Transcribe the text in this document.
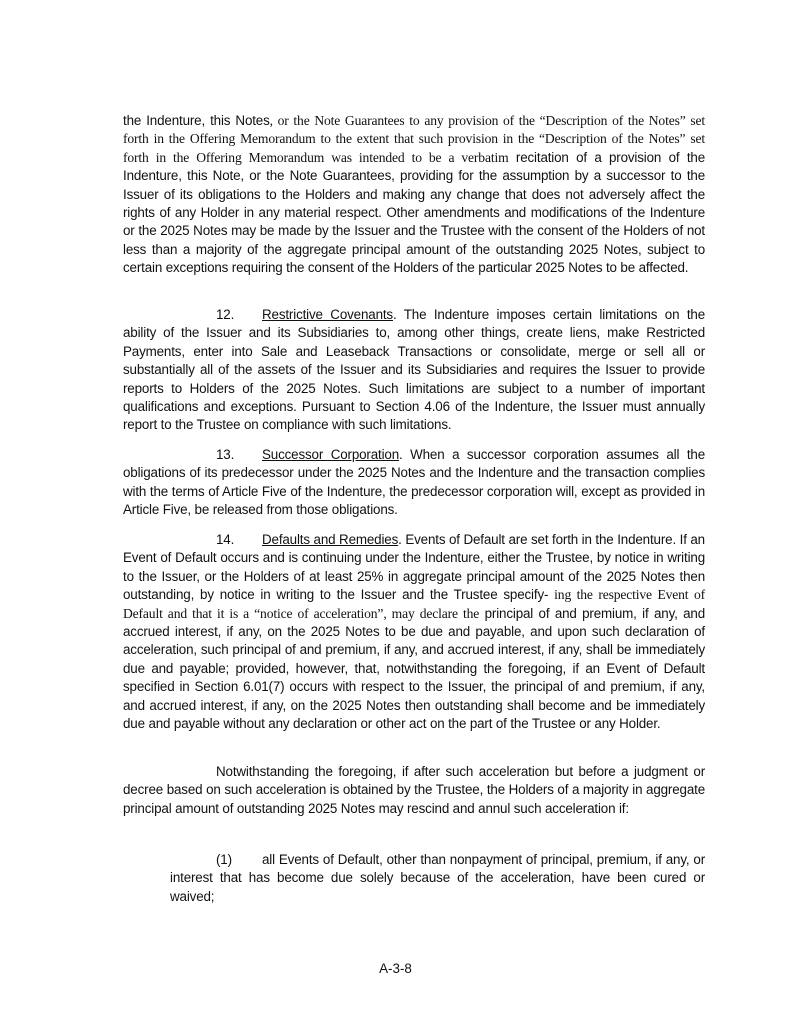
the Indenture, this Notes, or the Note Guarantees to any provision of the “Description of the Notes” set forth in the Offering Memorandum to the extent that such provision in the “Description of the Notes” set forth in the Offering Memorandum was intended to be a verbatim recitation of a provision of the Indenture, this Note, or the Note Guarantees, providing for the assumption by a successor to the Issuer of its obligations to the Holders and making any change that does not adversely affect the rights of any Holder in any material respect. Other amendments and modifications of the Indenture or the 2025 Notes may be made by the Issuer and the Trustee with the consent of the Holders of not less than a majority of the aggregate principal amount of the outstanding 2025 Notes, subject to certain exceptions requiring the consent of the Holders of the particular 2025 Notes to be affected.
12. Restrictive Covenants. The Indenture imposes certain limitations on the ability of the Issuer and its Subsidiaries to, among other things, create liens, make Restricted Payments, enter into Sale and Leaseback Transactions or consolidate, merge or sell all or substantially all of the assets of the Issuer and its Subsidiaries and requires the Issuer to provide reports to Holders of the 2025 Notes. Such limitations are subject to a number of important qualifications and exceptions. Pursuant to Section 4.06 of the Indenture, the Issuer must annually report to the Trustee on compliance with such limitations.
13. Successor Corporation. When a successor corporation assumes all the obligations of its predecessor under the 2025 Notes and the Indenture and the transaction complies with the terms of Article Five of the Indenture, the predecessor corporation will, except as provided in Article Five, be released from those obligations.
14. Defaults and Remedies. Events of Default are set forth in the Indenture. If an Event of Default occurs and is continuing under the Indenture, either the Trustee, by notice in writing to the Issuer, or the Holders of at least 25% in aggregate principal amount of the 2025 Notes then outstanding, by notice in writing to the Issuer and the Trustee specify- ing the respective Event of Default and that it is a “notice of acceleration”, may declare the principal of and premium, if any, and accrued interest, if any, on the 2025 Notes to be due and payable, and upon such declaration of acceleration, such principal of and premium, if any, and accrued interest, if any, shall be immediately due and payable; provided, however, that, notwithstanding the foregoing, if an Event of Default specified in Section 6.01(7) occurs with respect to the Issuer, the principal of and premium, if any, and accrued interest, if any, on the 2025 Notes then outstanding shall become and be immediately due and payable without any declaration or other act on the part of the Trustee or any Holder.
Notwithstanding the foregoing, if after such acceleration but before a judgment or decree based on such acceleration is obtained by the Trustee, the Holders of a majority in aggregate principal amount of outstanding 2025 Notes may rescind and annul such acceleration if:
(1) all Events of Default, other than nonpayment of principal, premium, if any, or interest that has become due solely because of the acceleration, have been cured or waived;
A-3-8
